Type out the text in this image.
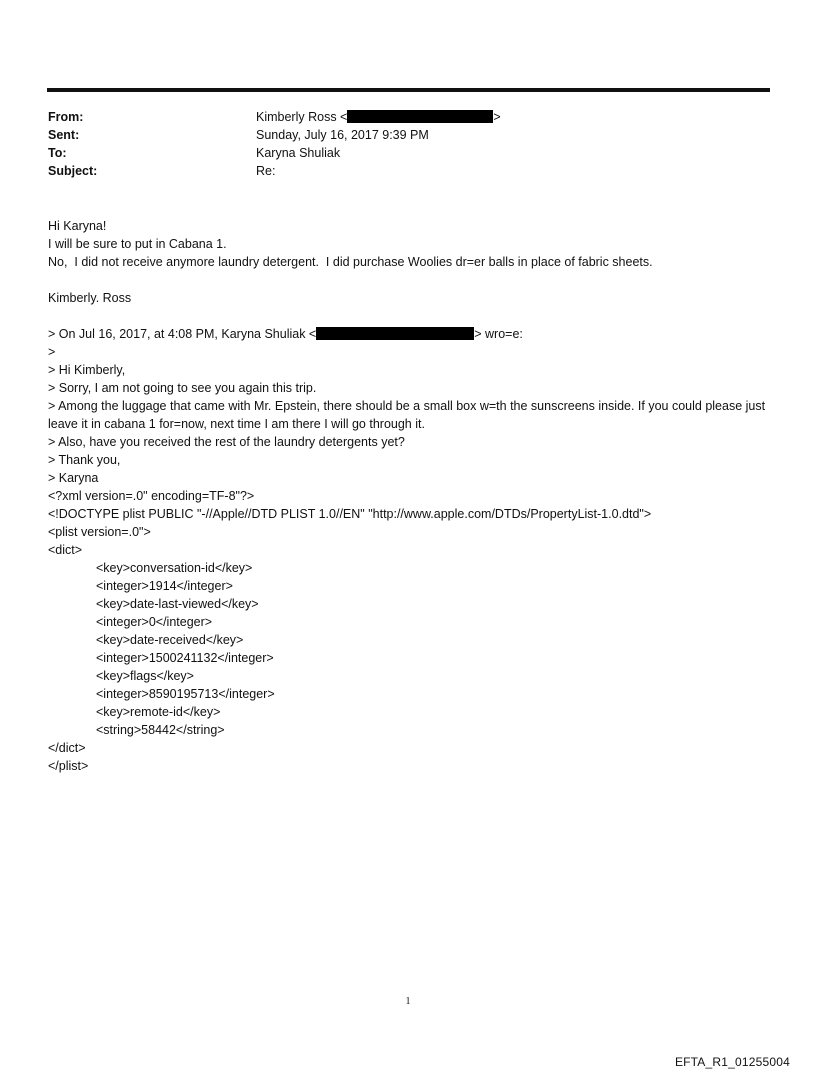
From:	Kimberly Ross <	>
Sent:	Sunday, July 16, 2017 9:39 PM
To:	Karyna Shuliak
Subject:	Re:
Hi Karyna!
I will be sure to put in Cabana 1.
No,  I did not receive anymore laundry detergent.  I did purchase Woolies dr=er balls in place of fabric sheets.
Kimberly. Ross
> On Jul 16, 2017, at 4:08 PM, Karyna Shuliak <	> wro=e:
>
> Hi Kimberly,
> Sorry, I am not going to see you again this trip.
> Among the luggage that came with Mr. Epstein, there should be a small box w=th the sunscreens inside. If you could please just leave it in cabana 1 for=now, next time I am there I will go through it.
> Also, have you received the rest of the laundry detergents yet?
> Thank you,
> Karyna
<?xml version=.0" encoding=TF-8"?>
<!DOCTYPE plist PUBLIC "-//Apple//DTD PLIST 1.0//EN" "http://www.apple.com/DTDs/PropertyList-1.0.dtd">
<plist version=.0">
<dict>
<key>conversation-id</key>
<integer>1914</integer>
<key>date-last-viewed</key>
<integer>0</integer>
<key>date-received</key>
<integer>1500241132</integer>
<key>flags</key>
<integer>8590195713</integer>
<key>remote-id</key>
<string>58442</string>
</dict>
</plist>
1
EFTA_R1_01255004
